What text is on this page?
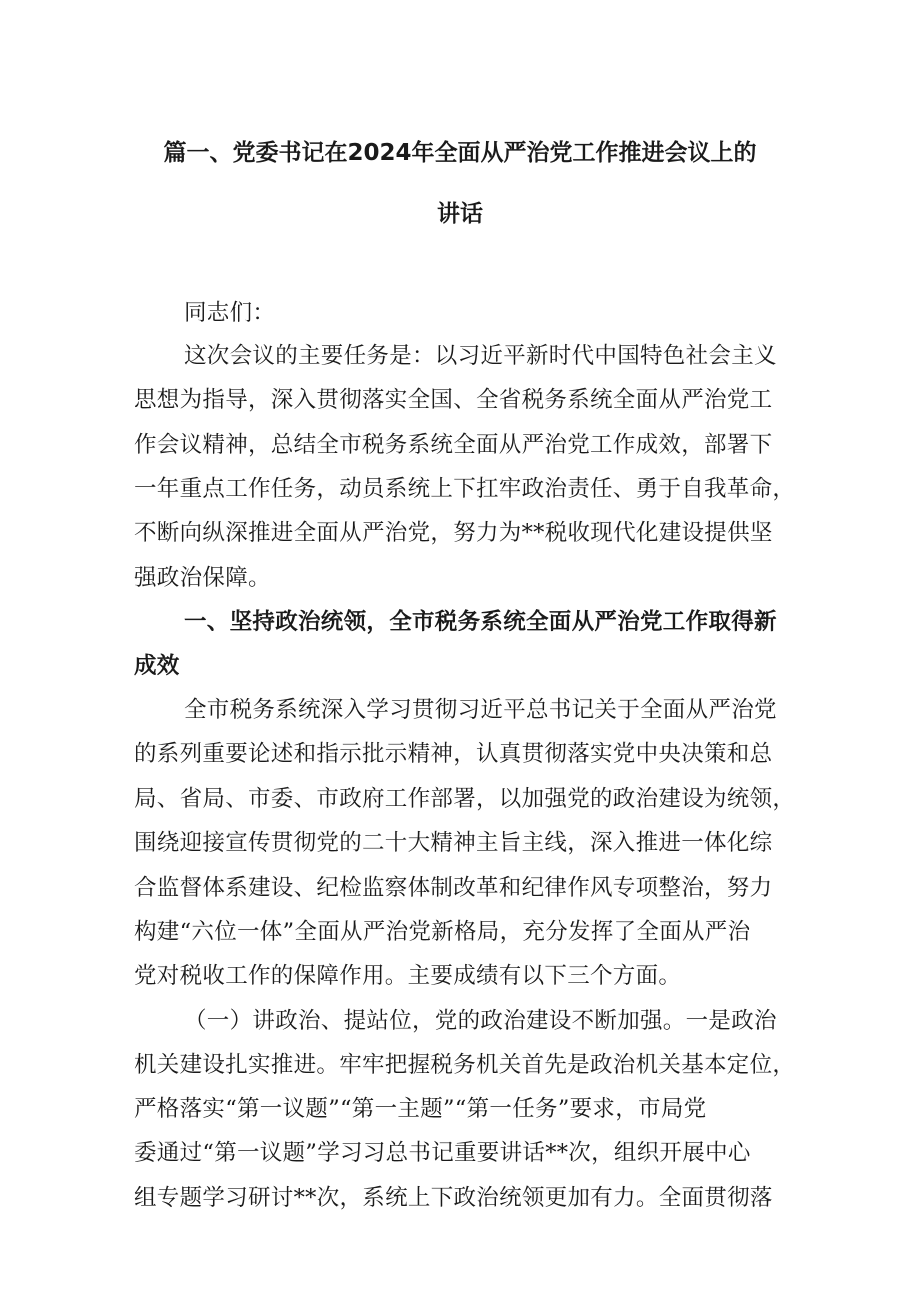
篇一、党委书记在2024年全面从严治党工作推进会议上的
讲话
同志们：
这次会议的主要任务是：以习近平新时代中国特色社会主义
思想为指导，深入贯彻落实全国、全省税务系统全面从严治党工
作会议精神，总结全市税务系统全面从严治党工作成效，部署下
一年重点工作任务，动员系统上下扛牢政治责任、勇于自我革命，
不断向纵深推进全面从严治党，努力为**税收现代化建设提供坚
强政治保障。
一、坚持政治统领，全市税务系统全面从严治党工作取得新
成效
全市税务系统深入学习贯彻习近平总书记关于全面从严治党
的系列重要论述和指示批示精神，认真贯彻落实党中央决策和总
局、省局、市委、市政府工作部署，以加强党的政治建设为统领，
围绕迎接宣传贯彻党的二十大精神主旨主线，深入推进一体化综
合监督体系建设、纪检监察体制改革和纪律作风专项整治，努力
构建“六位一体”全面从严治党新格局，充分发挥了全面从严治
党对税收工作的保障作用。主要成绩有以下三个方面。
（一）讲政治、提站位，党的政治建设不断加强。一是政治
机关建设扎实推进。牢牢把握税务机关首先是政治机关基本定位，
严格落实“第一议题”“第一主题”“第一任务”要求，市局党
委通过“第一议题”学习习总书记重要讲话**次，组织开展中心
组专题学习研讨**次，系统上下政治统领更加有力。全面贯彻落
